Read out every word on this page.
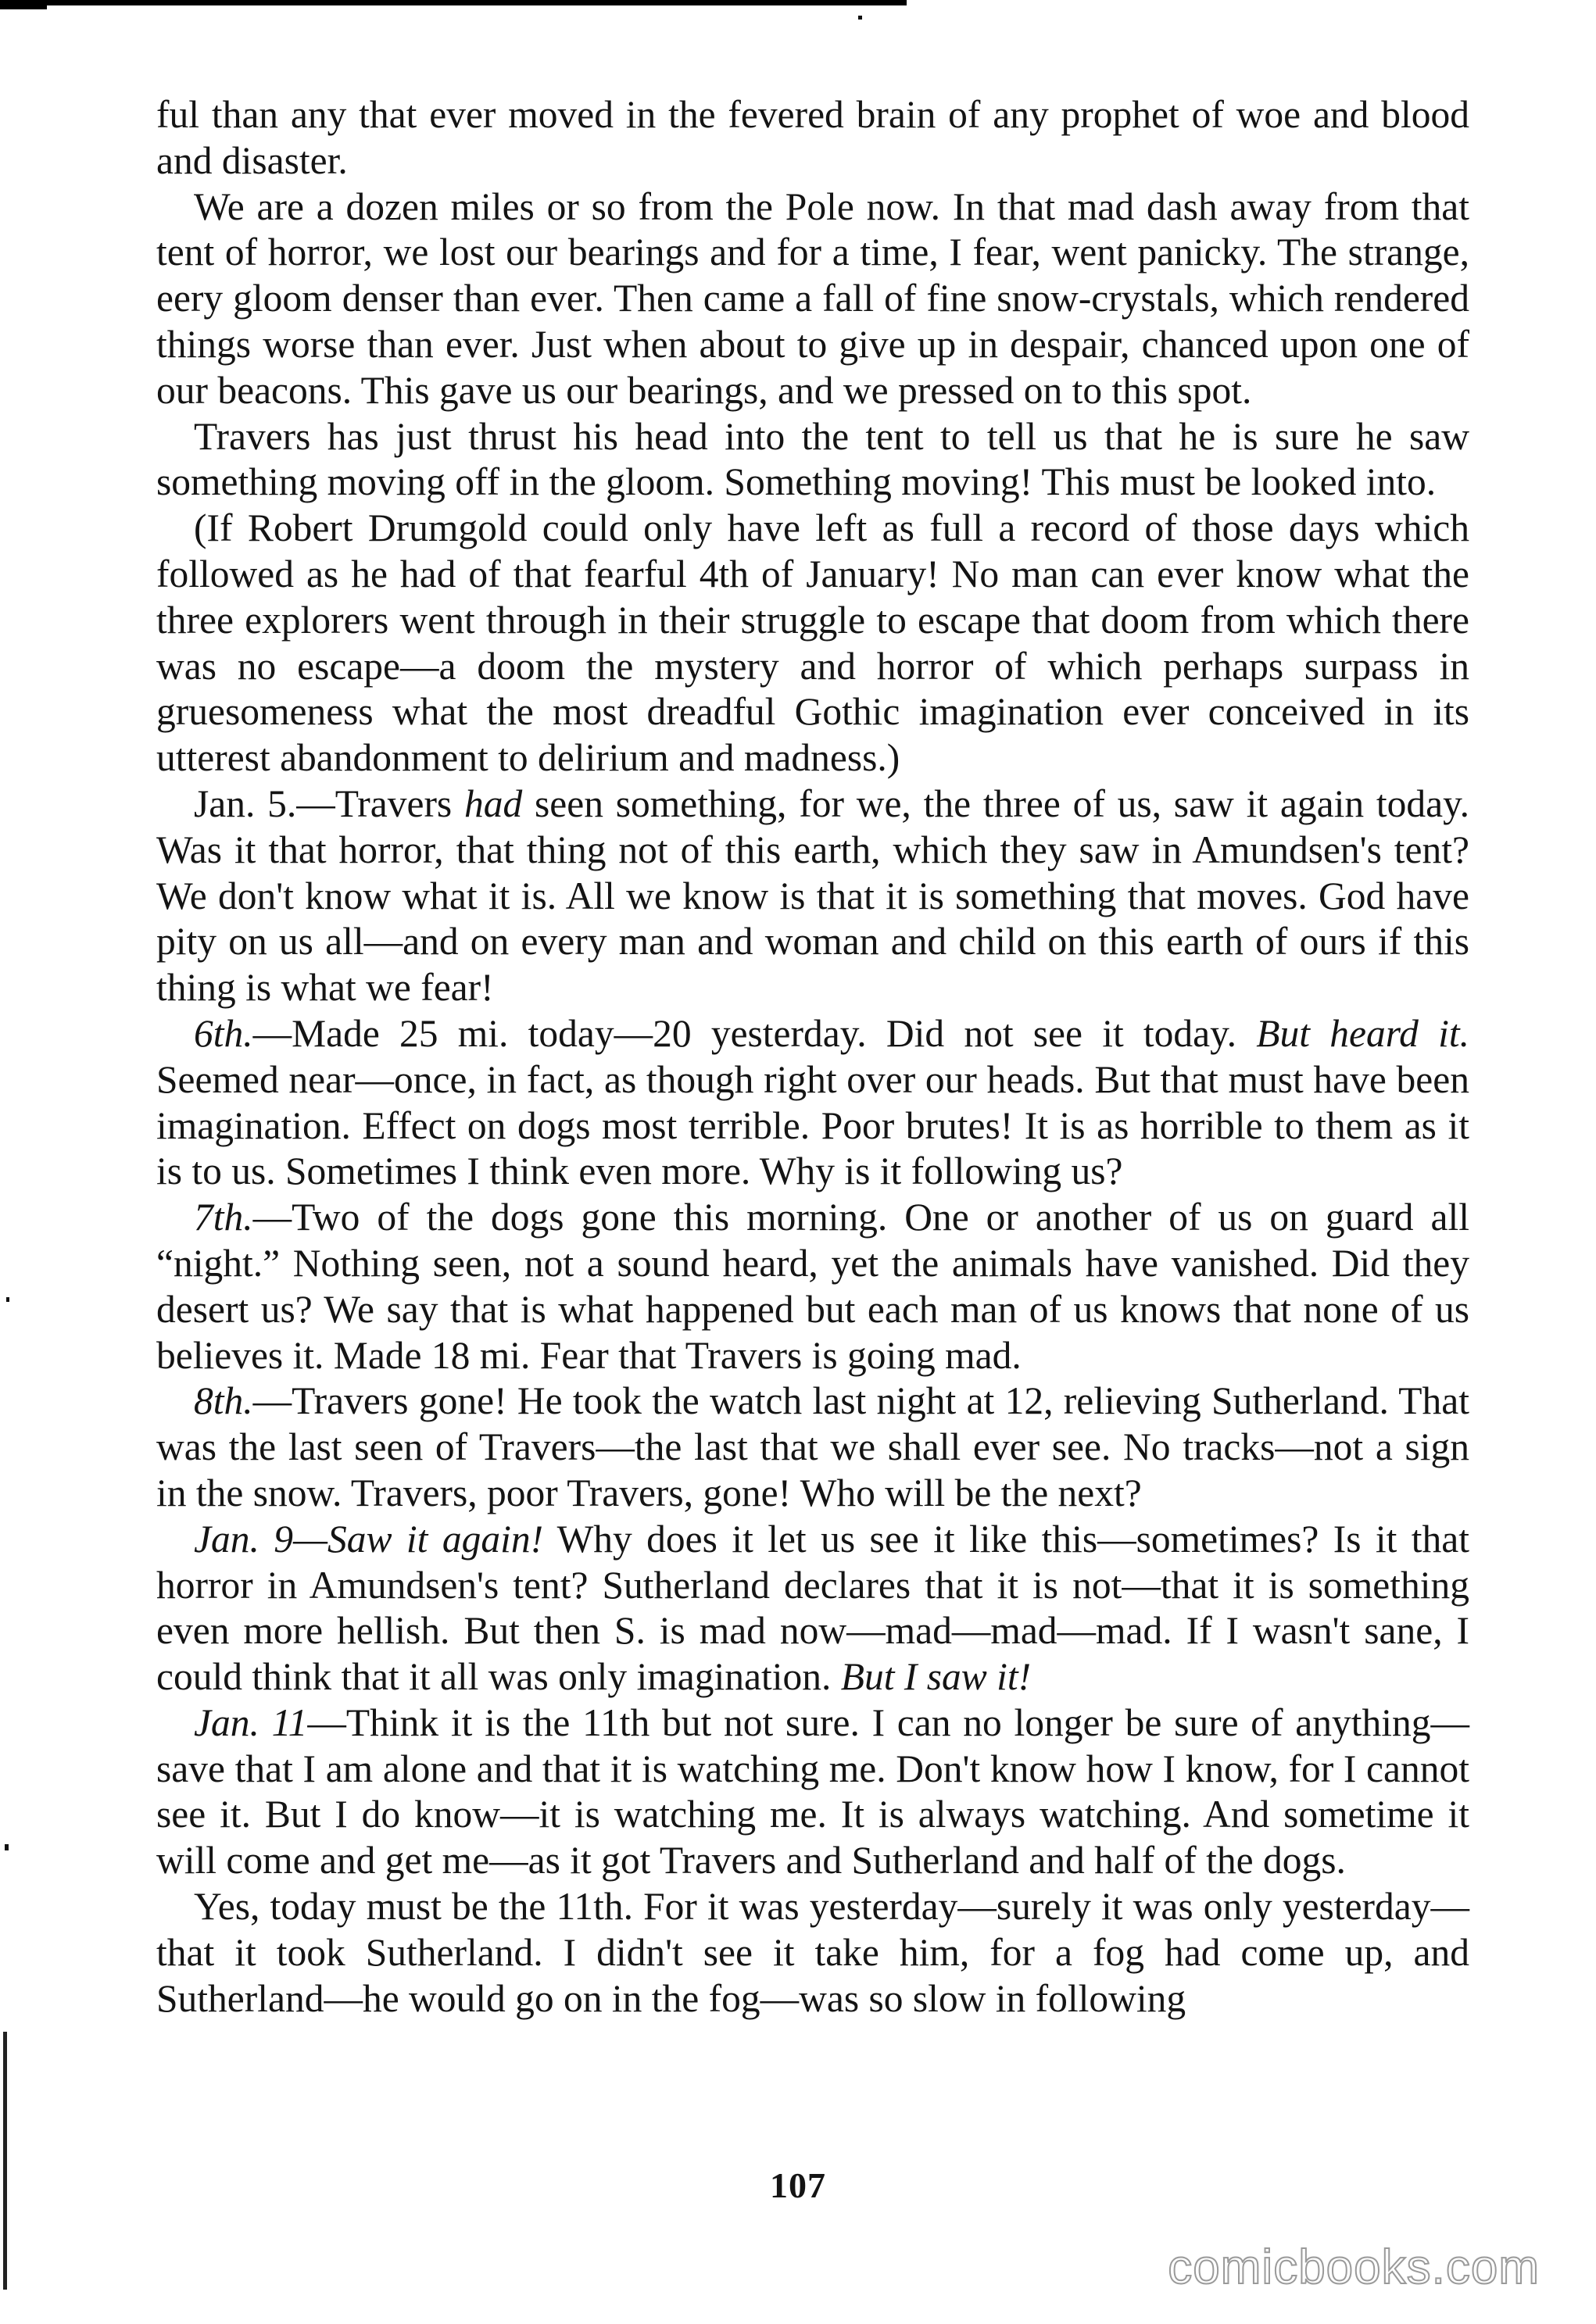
ful than any that ever moved in the fevered brain of any prophet of woe and blood and disaster.

We are a dozen miles or so from the Pole now. In that mad dash away from that tent of horror, we lost our bearings and for a time, I fear, went panicky. The strange, eery gloom denser than ever. Then came a fall of fine snow-crystals, which rendered things worse than ever. Just when about to give up in despair, chanced upon one of our beacons. This gave us our bearings, and we pressed on to this spot.

Travers has just thrust his head into the tent to tell us that he is sure he saw something moving off in the gloom. Something moving! This must be looked into.

(If Robert Drumgold could only have left as full a record of those days which followed as he had of that fearful 4th of January! No man can ever know what the three explorers went through in their struggle to escape that doom from which there was no escape—a doom the mystery and horror of which perhaps surpass in gruesomeness what the most dreadful Gothic imagination ever conceived in its utterest abandonment to delirium and madness.)

Jan. 5.—Travers had seen something, for we, the three of us, saw it again today. Was it that horror, that thing not of this earth, which they saw in Amundsen's tent? We don't know what it is. All we know is that it is something that moves. God have pity on us all—and on every man and woman and child on this earth of ours if this thing is what we fear!

6th.—Made 25 mi. today—20 yesterday. Did not see it today. But heard it. Seemed near—once, in fact, as though right over our heads. But that must have been imagination. Effect on dogs most terrible. Poor brutes! It is as horrible to them as it is to us. Sometimes I think even more. Why is it following us?

7th.—Two of the dogs gone this morning. One or another of us on guard all “night.” Nothing seen, not a sound heard, yet the animals have vanished. Did they desert us? We say that is what happened but each man of us knows that none of us believes it. Made 18 mi. Fear that Travers is going mad.

8th.—Travers gone! He took the watch last night at 12, relieving Sutherland. That was the last seen of Travers—the last that we shall ever see. No tracks—not a sign in the snow. Travers, poor Travers, gone! Who will be the next?

Jan. 9—Saw it again! Why does it let us see it like this—sometimes? Is it that horror in Amundsen's tent? Sutherland declares that it is not—that it is something even more hellish. But then S. is mad now—mad—mad—mad. If I wasn't sane, I could think that it all was only imagination. But I saw it!

Jan. 11—Think it is the 11th but not sure. I can no longer be sure of anything—save that I am alone and that it is watching me. Don't know how I know, for I cannot see it. But I do know—it is watching me. It is always watching. And sometime it will come and get me—as it got Travers and Sutherland and half of the dogs.

Yes, today must be the 11th. For it was yesterday—surely it was only yesterday—that it took Sutherland. I didn't see it take him, for a fog had come up, and Sutherland—he would go on in the fog—was so slow in following

107
comicbooks.com
